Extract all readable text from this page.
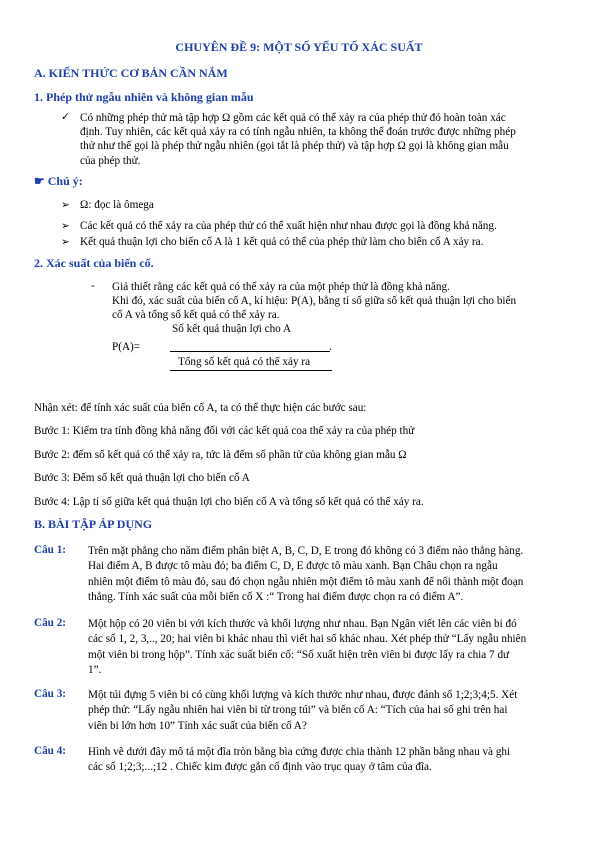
CHUYÊN ĐỀ 9: MỘT SỐ YẾU TỐ XÁC SUẤT
A. KIẾN THỨC CƠ BẢN CẦN NẮM
1. Phép thử ngẫu nhiên và không gian mẫu
✓ Có những phép thử mà tập hợp Ω gồm các kết quả có thể xảy ra của phép thử đó hoàn toàn xác
định. Tuy nhiên, các kết quả xảy ra có tính ngẫu nhiên, ta không thể đoán trước được những phép
thử như thế gọi là phép thử ngẫu nhiên (gọi tắt là phép thử) và tập hợp Ω gọi là không gian mẫu
của phép thử.
☛ Chú ý:
➢ Ω: đọc là ômega
➢ Các kết quả có thể xảy ra của phép thử có thể xuất hiện như nhau được gọi là đồng khả năng.
➢ Kết quả thuận lợi cho biến cố A là 1 kết quả có thể của phép thử làm cho biến cố A xảy ra.
2. Xác suất của biến cố.
- Giả thiết rằng các kết quả có thể xảy ra của một phép thử là đồng khả năng.
Khi đó, xác suất của biến cố A, kí hiệu: P(A), bằng tỉ số giữa số kết quả thuận lợi cho biến
cố A và tổng số kết quả có thể xảy ra.
Số kết quả thuận lợi cho A
P(A)=	.
Tổng số kết quả có thể xảy ra
Nhận xét: để tính xác suất của biến cố A, ta có thể thực hiện các bước sau:
Bước 1: Kiểm tra tính đồng khả năng đối với các kết quả coa thể xảy ra của phép thử
Bước 2: đếm số kết quả có thể xảy ra, tức là đếm số phần tử của không gian mẫu Ω
Bước 3: Đếm số kết quả thuận lợi cho biến cố A
Bước 4: Lập tỉ số giữa kết quả thuận lợi cho biến cố A và tổng số kết quả có thể xảy ra.
B. BÀI TẬP ÁP DỤNG
Câu 1: Trên mặt phẳng cho năm điểm phân biệt A, B, C, D, E trong đó không có 3 điểm nào thẳng hàng.
Hai điểm A, B được tô màu đỏ; ba điểm C, D, E được tô màu xanh. Bạn Châu chọn ra ngẫu
nhiên một điểm tô màu đỏ, sau đó chọn ngẫu nhiên một điểm tô màu xanh để nối thành một đoạn
thẳng. Tính xác suất của mỗi biến cố X :“ Trong hai điểm được chọn ra có điểm A”.
Câu 2: Một hộp có 20 viên bi với kích thước và khối lượng như nhau. Bạn Ngân viết lên các viên bi đó
các số 1, 2, 3,.., 20; hai viên bi khác nhau thì viết hai số khác nhau. Xét phép thử “Lấy ngẫu nhiên
một viên bi trong hộp”. Tính xác suất biến cố: “Số xuất hiện trên viên bi được lấy ra chia 7 dư
1”.
Câu 3: Một túi đựng 5 viên bi có cùng khối lượng và kích thước như nhau, được đánh số 1;2;3;4;5. Xét
phép thử: “Lấy ngẫu nhiên hai viên bi từ trong túi” và biến cố A: “Tích của hai số ghi trên hai
viên bi lớn hơn 10” Tính xác suất của biến cố A?
Câu 4: Hình vẽ dưới đây mô tả một đĩa tròn bằng bìa cứng được chia thành 12 phần bằng nhau và ghi
các số 1;2;3;...;12 . Chiếc kim được gắn cố định vào trục quay ở tâm của đĩa.
